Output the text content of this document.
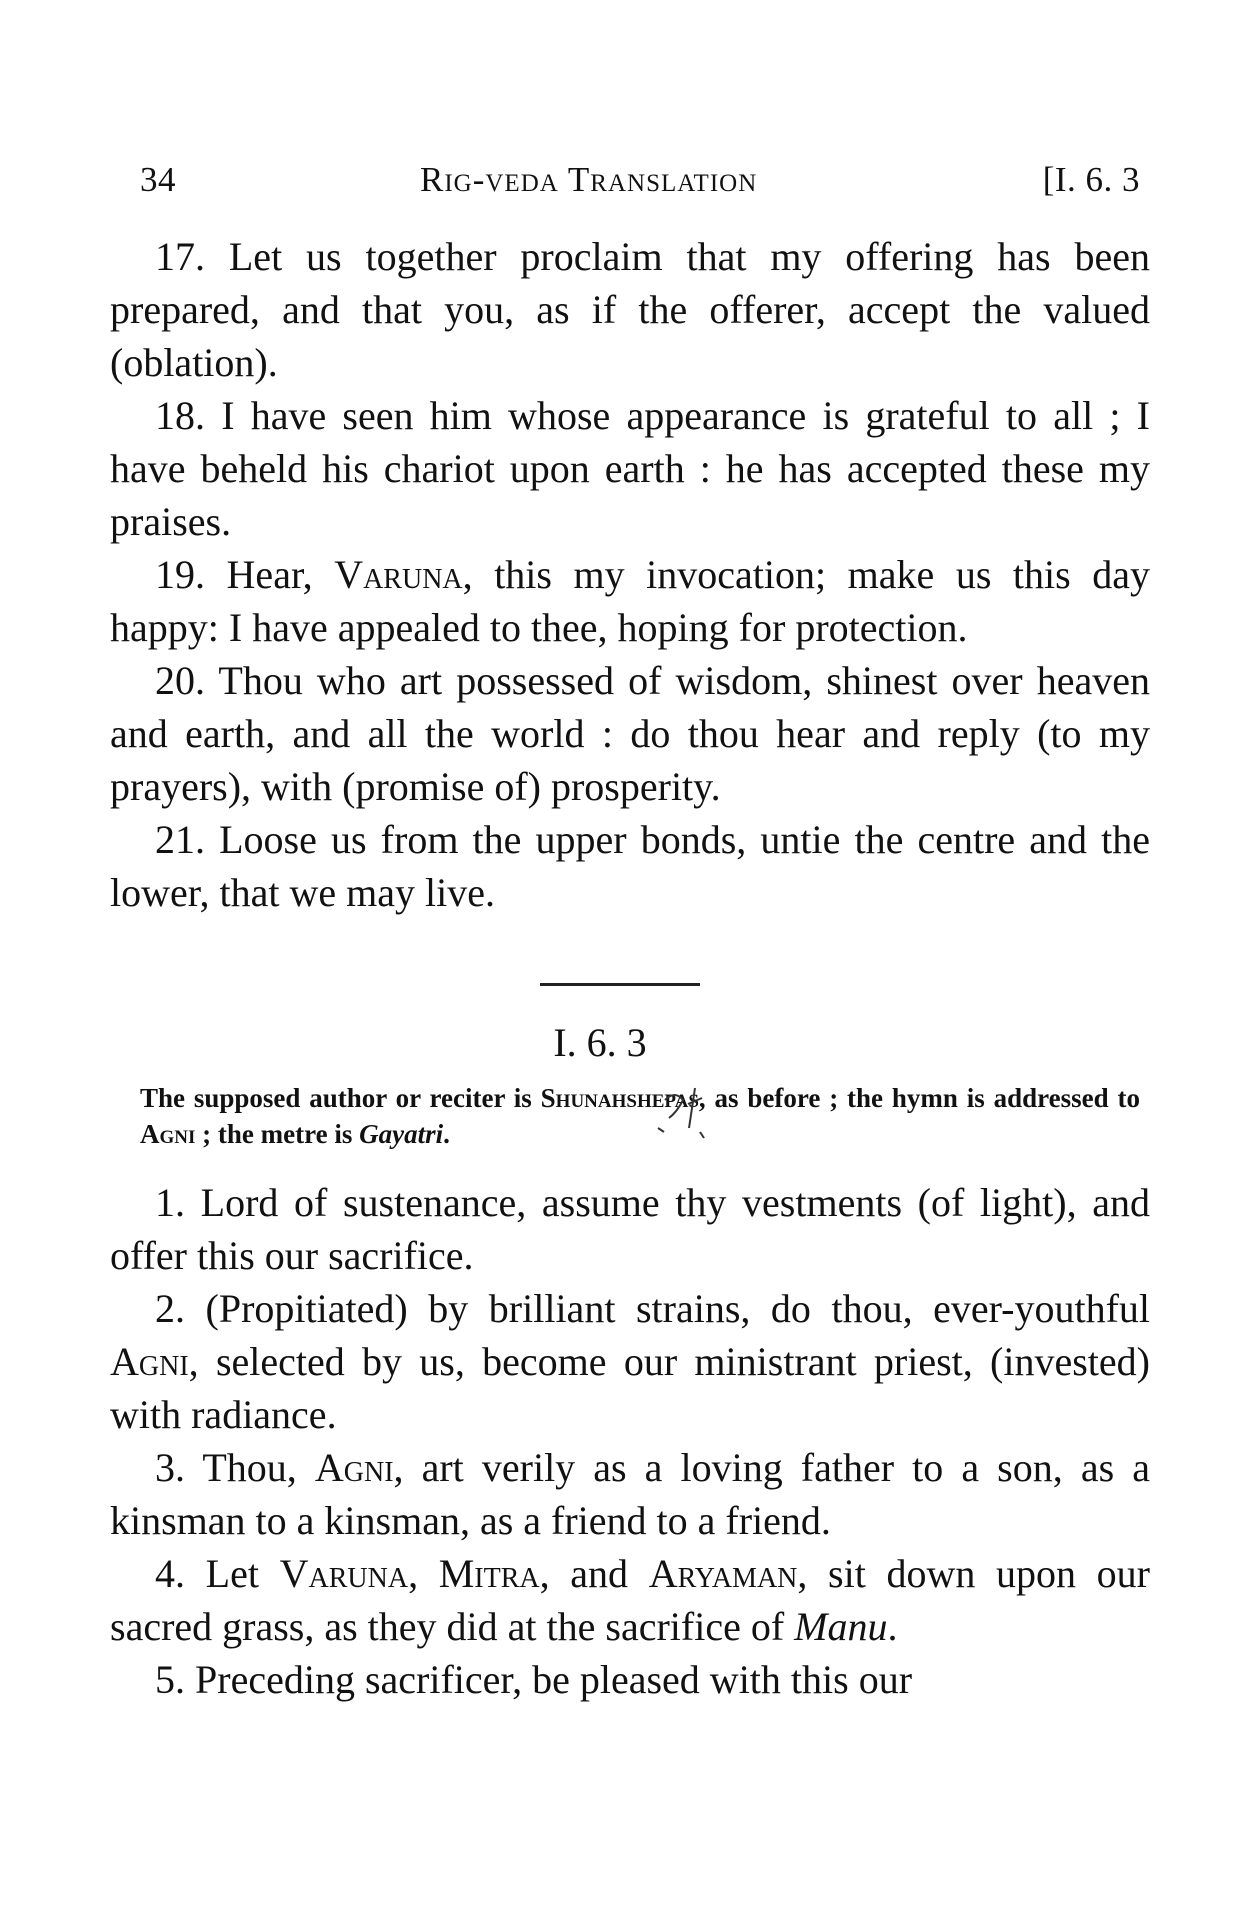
34	Rig-veda Translation	[I. 6. 3

17. Let us together proclaim that my offering has been prepared, and that you, as if the offerer, accept the valued (oblation).

18. I have seen him whose appearance is grateful to all ; I have beheld his chariot upon earth : he has accepted these my praises.

19. Hear, Varuna, this my invocation; make us this day happy: I have appealed to thee, hoping for protection.

20. Thou who art possessed of wisdom, shinest over heaven and earth, and all the world : do thou hear and reply (to my prayers), with (promise of) prosperity.

21. Loose us from the upper bonds, untie the centre and the lower, that we may live.

I. 6. 3
The supposed author or reciter is Shunahshepas, as before ; the hymn is addressed to Agni ; the metre is Gayatri.

1. Lord of sustenance, assume thy vestments (of light), and offer this our sacrifice.

2. (Propitiated) by brilliant strains, do thou, ever-youthful Agni, selected by us, become our ministrant priest, (invested) with radiance.

3. Thou, Agni, art verily as a loving father to a son, as a kinsman to a kinsman, as a friend to a friend.

4. Let Varuna, Mitra, and Aryaman, sit down upon our sacred grass, as they did at the sacrifice of Manu.

5. Preceding sacrificer, be pleased with this our
